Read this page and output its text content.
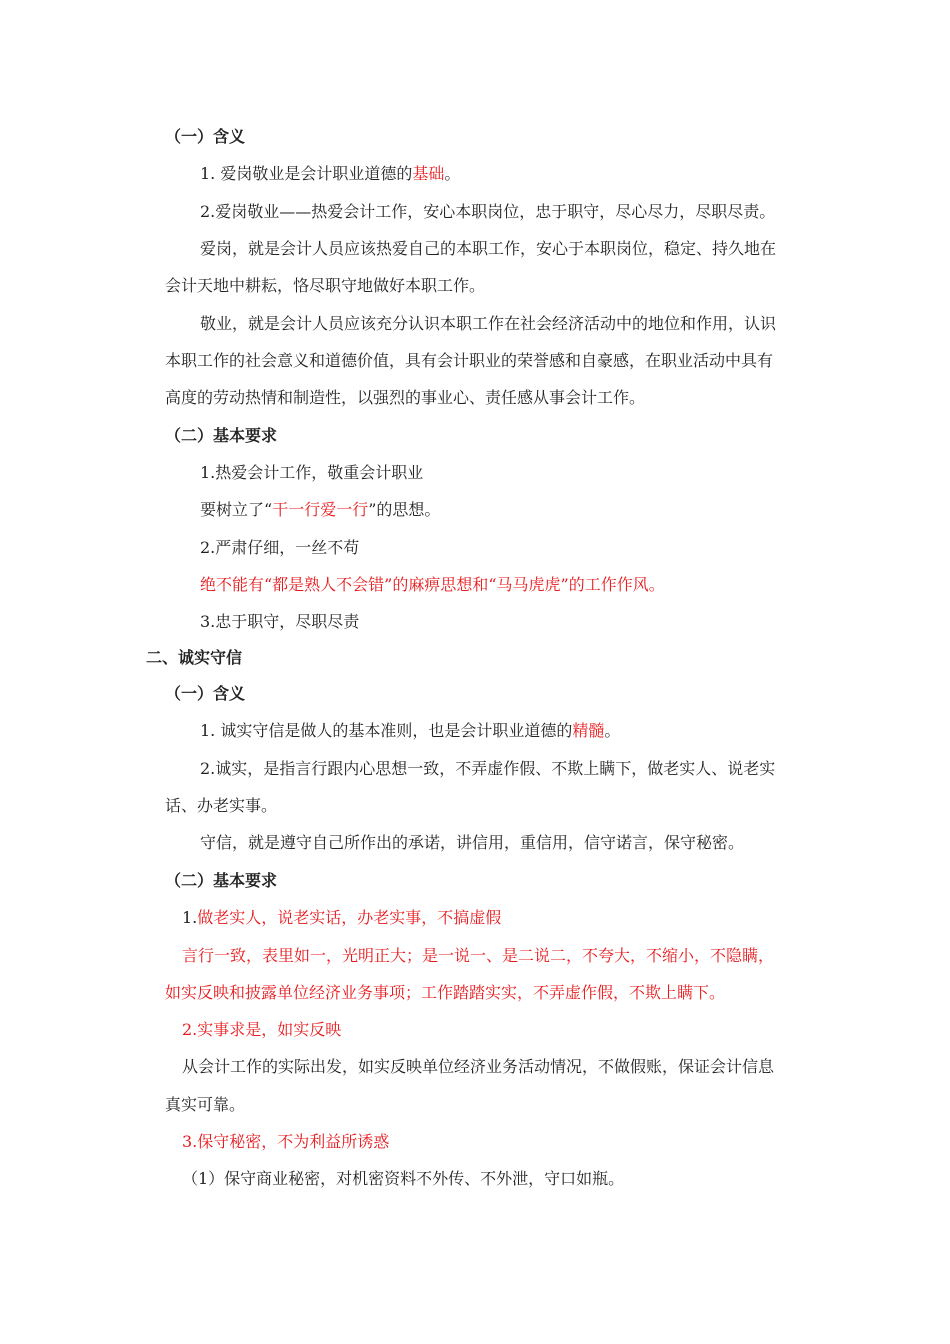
（一）含义
1. 爱岗敬业是会计职业道德的基础。
2.爱岗敬业——热爱会计工作，安心本职岗位，忠于职守，尽心尽力，尽职尽责。
爱岗，就是会计人员应该热爱自己的本职工作，安心于本职岗位，稳定、持久地在
会计天地中耕耘，恪尽职守地做好本职工作。
敬业，就是会计人员应该充分认识本职工作在社会经济活动中的地位和作用，认识
本职工作的社会意义和道德价值，具有会计职业的荣誉感和自豪感，在职业活动中具有
高度的劳动热情和制造性，以强烈的事业心、责任感从事会计工作。
（二）基本要求
1.热爱会计工作，敬重会计职业
要树立了“干一行爱一行”的思想。
2.严肃仔细，一丝不苟
绝不能有“都是熟人不会错”的麻痹思想和“马马虎虎”的工作作风。
3.忠于职守，尽职尽责
二、诚实守信
（一）含义
1. 诚实守信是做人的基本准则，也是会计职业道德的精髓。
2.诚实，是指言行跟内心思想一致，不弄虚作假、不欺上瞒下，做老实人、说老实
话、办老实事。
守信，就是遵守自己所作出的承诺，讲信用，重信用，信守诺言，保守秘密。
（二）基本要求
1.做老实人，说老实话，办老实事，不搞虚假
言行一致，表里如一，光明正大；是一说一、是二说二，不夸大，不缩小，不隐瞒，
如实反映和披露单位经济业务事项；工作踏踏实实，不弄虚作假，不欺上瞒下。
2.实事求是，如实反映
从会计工作的实际出发，如实反映单位经济业务活动情况，不做假账，保证会计信息
真实可靠。
3.保守秘密，不为利益所诱惑
（1）保守商业秘密，对机密资料不外传、不外泄，守口如瓶。
